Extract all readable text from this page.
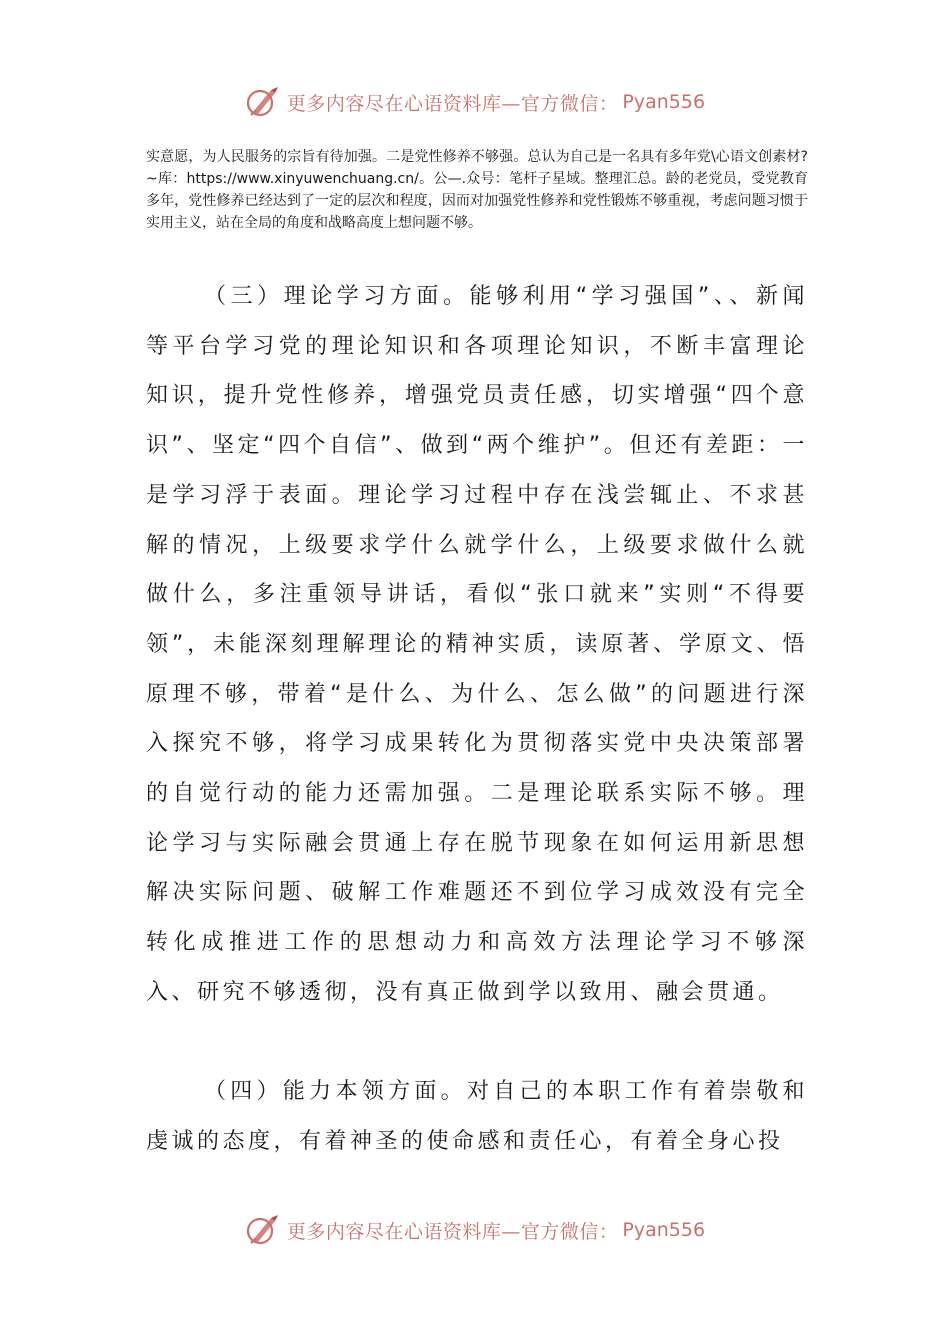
更多内容尽在心语资料库—官方微信： Pyan556

实意愿，为人民服务的宗旨有待加强。二是党性修养不够强。总认为自己是一名具有多年党\心语文创素材?~库：https://www.xinyuwenchuang.cn/。公—.众号：笔杆子星域。整理汇总。龄的老党员，受党教育多年，党性修养已经达到了一定的层次和程度，因而对加强党性修养和党性锻炼不够重视，考虑问题习惯于实用主义，站在全局的角度和战略高度上想问题不够。

（三）理论学习方面。能够利用“学习强国”、、新闻等平台学习党的理论知识和各项理论知识，不断丰富理论知识，提升党性修养，增强党员责任感，切实增强“四个意识”、坚定“四个自信”、做到“两个维护”。但还有差距：一是学习浮于表面。理论学习过程中存在浅尝辄止、不求甚解的情况，上级要求学什么就学什么，上级要求做什么就做什么，多注重领导讲话，看似“张口就来”实则“不得要领”，未能深刻理解理论的精神实质，读原著、学原文、悟原理不够，带着“是什么、为什么、怎么做”的问题进行深入探究不够，将学习成果转化为贯彻落实党中央决策部署的自觉行动的能力还需加强。二是理论联系实际不够。理论学习与实际融会贯通上存在脱节现象在如何运用新思想解决实际问题、破解工作难题还不到位学习成效没有完全转化成推进工作的思想动力和高效方法理论学习不够深入、研究不够透彻，没有真正做到学以致用、融会贯通。

（四）能力本领方面。对自己的本职工作有着崇敬和虔诚的态度，有着神圣的使命感和责任心，有着全身心投

更多内容尽在心语资料库—官方微信： Pyan556
